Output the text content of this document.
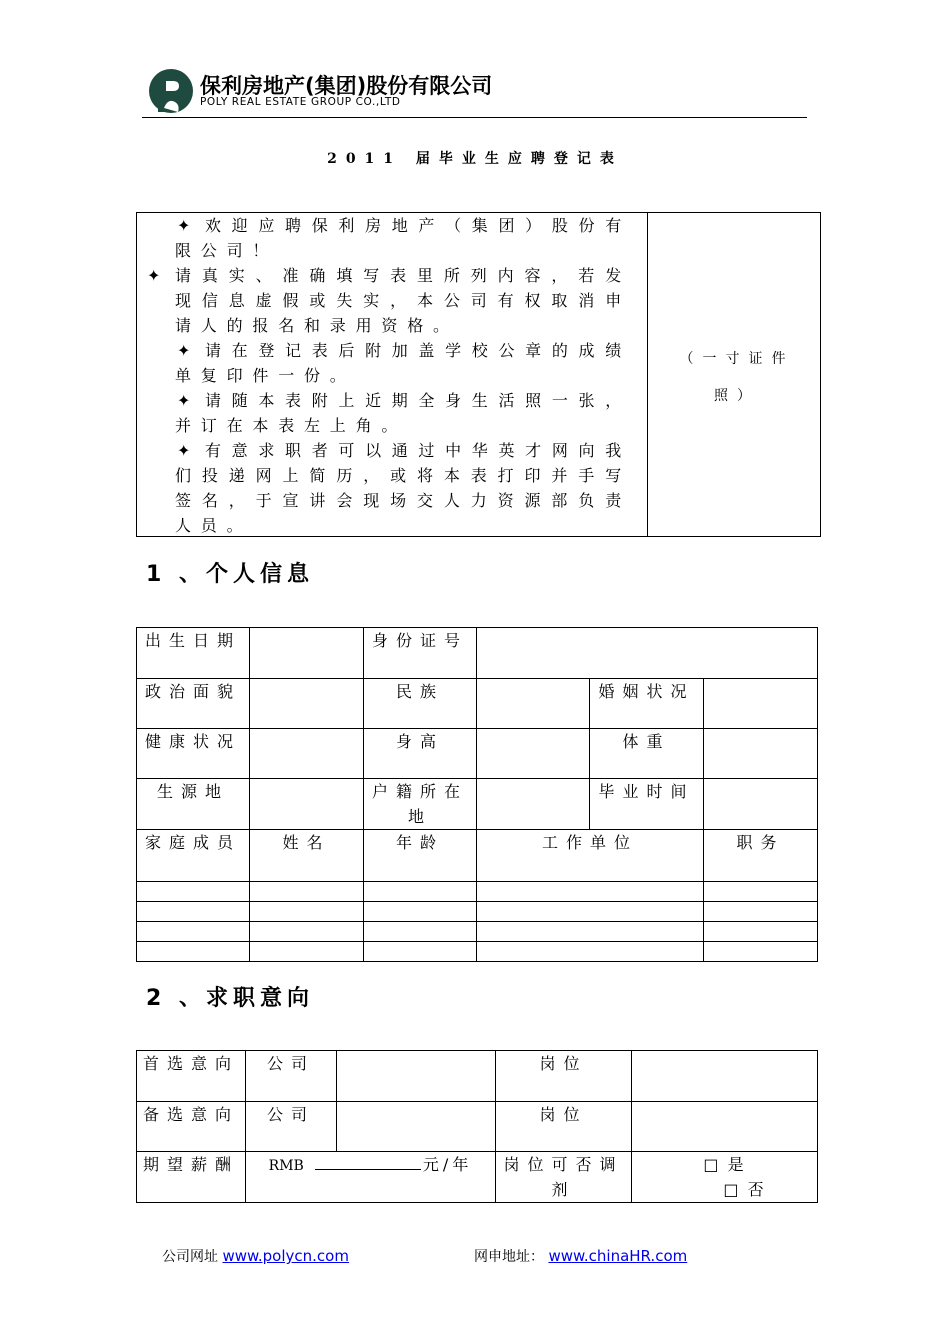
保利房地产(集团)股份有限公司
POLY REAL ESTATE GROUP CO.,LTD
2011 届毕业生应聘登记表
✦ 欢迎应聘保利房地产（集团）股份有限公司！
✦ 请真实、准确填写表里所列内容，若发现信息虚假或失实，本公司有权取消申请人的报名和录用资格。
✦ 请在登记表后附加盖学校公章的成绩单复印件一份。
✦ 请随本表附上近期全身生活照一张，并订在本表左上角。
✦ 有意求职者可以通过中华英才网向我们投递网上简历，或将本表打印并手写签名，于宣讲会现场交人力资源部负责人员。
（一寸证件照）
1 、个人信息
出生日期		身份证号			
政治面貌		民族		婚姻状况	
健康状况		身高		体重	
生源地		户籍所在地		毕业时间	
家庭成员	姓名	年龄	工作单位		职务

2 、求职意向
首选意向	公司		岗位	
备选意向	公司		岗位	
期望薪酬	RMB 元/年		岗位可否调剂	□ 是
□ 否
公司网址 www.polycn.com	网申地址： www.chinaHR.com
